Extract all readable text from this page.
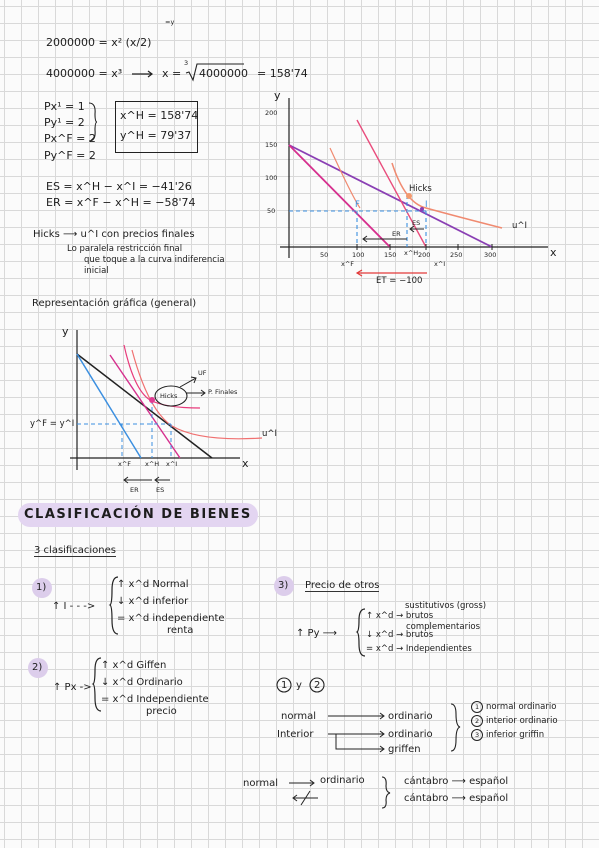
2000000 = x² (x/2)
=y
4000000 = x³	x =
3
4000000 = 158'74
Px¹ = 1
Py¹ = 2
Px^F = 2
Py^F = 2
x^H = 158'74
y^H = 79'37
ES = x^H − x^I = −41'26
ER = x^F − x^H = −58'74
Hicks ⟶ u^I con precios finales
Lo paralela restricción final
que toque a la curva indiferencia
inicial
y
x
200
150
100
50
50	100	150	200	250	300
Hicks
F	I
ER
ES
x^F
x^H
x^I
u^I
ET = −100
Representación gráfica (general)
y
x
y^F = y^I
x^F x^H x^I
ER	ES
Hicks
UF
P. Finales
u^I
CLASIFICACIÓN DE BIENES
3 clasificaciones
1)
↑ I - - ->
↑ x^d Normal
↓ x^d inferior
= x^d independiente
renta
3) Precio de otros
↑ Py ⟶
sustitutivos (gross)
↑ x^d → brutos
complementarios
↓ x^d → brutos
= x^d → Independientes
2)
↑ Px ->
↑ x^d Giffen
↓ x^d Ordinario
= x^d Independiente
precio
1 y 2
normal
Interior
ordinario
ordinario
griffen
1
2
3
normal ordinario
interior ordinario
inferior griffin
normal	ordinario	cántabro ⟶ español
cántabro ⟶ español
